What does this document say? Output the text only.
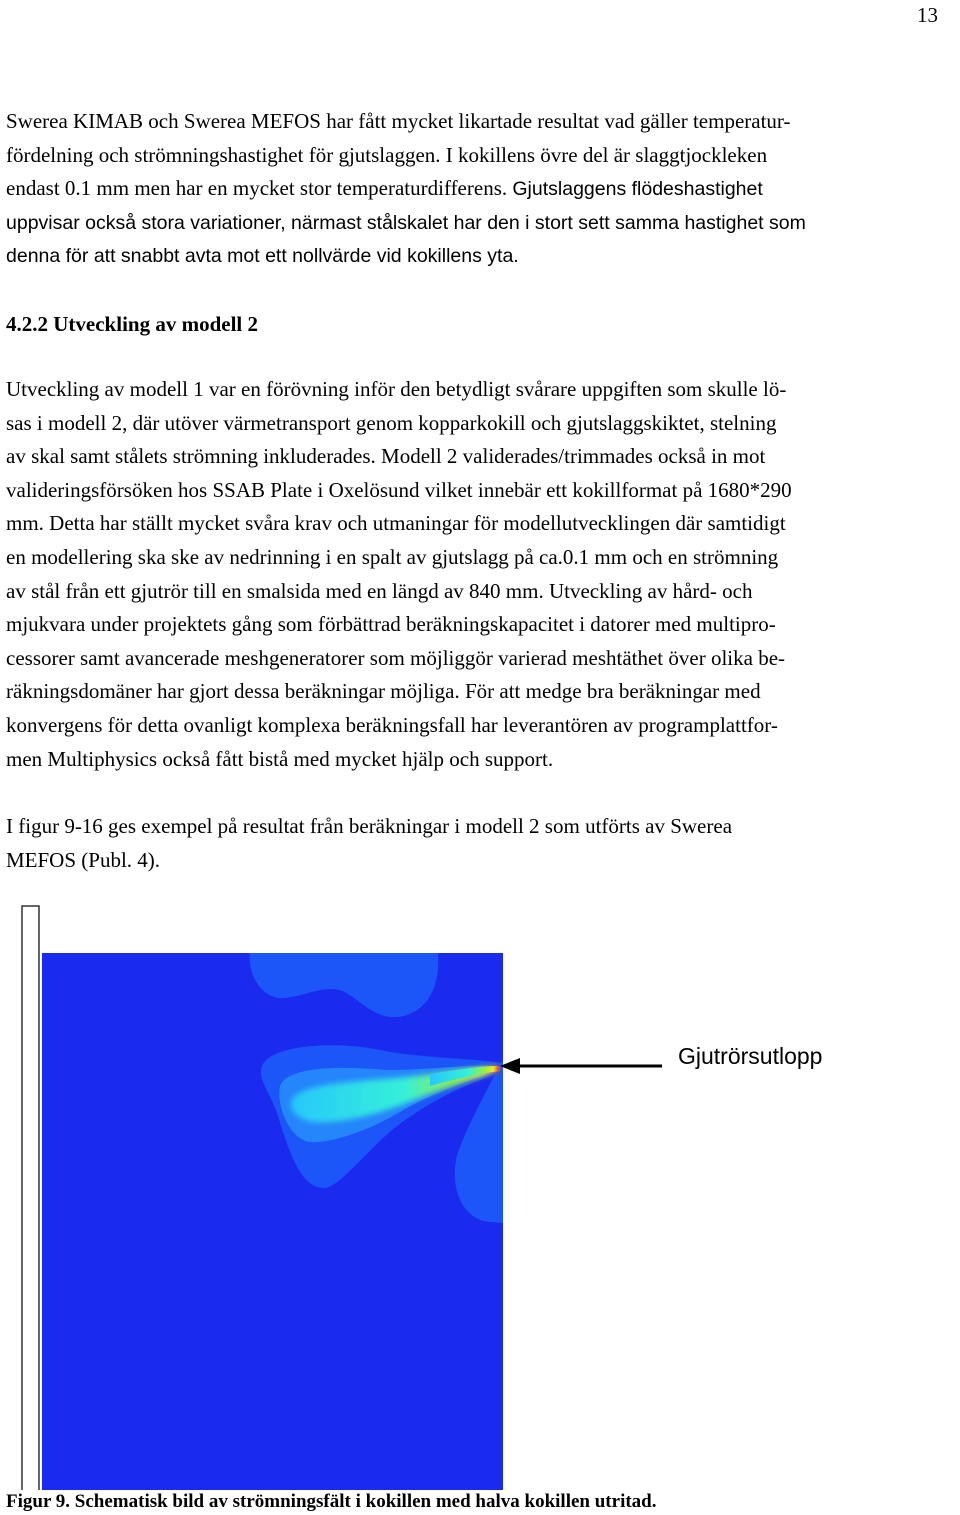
13
Swerea KIMAB och Swerea MEFOS har fått mycket likartade resultat vad gäller temperatur-
fördelning och strömningshastighet för gjutslaggen. I kokillens övre del är slaggtjockleken
endast 0.1 mm men har en mycket stor temperaturdifferens. Gjutslaggens flödeshastighet
uppvisar också stora variationer, närmast stålskalet har den i stort sett samma hastighet som
denna för att snabbt avta mot ett nollvärde vid kokillens yta.
4.2.2 Utveckling av modell 2
Utveckling av modell 1 var en förövning inför den betydligt svårare uppgiften som skulle lö-
sas i modell 2, där utöver värmetransport genom kopparkokill och gjutslaggskiktet, stelning
av skal samt stålets strömning inkluderades. Modell 2 validerades/trimmades också in mot
valideringsförsöken hos SSAB Plate i Oxelösund vilket innebär ett kokillformat på 1680*290
mm. Detta har ställt mycket svåra krav och utmaningar för modellutvecklingen där samtidigt
en modellering ska ske av nedrinning i en spalt av gjutslagg på ca.0.1 mm och en strömning
av stål från ett gjutrör till en smalsida med en längd av 840 mm. Utveckling av hård- och
mjukvara under projektets gång som förbättrad beräkningskapacitet i datorer med multipro-
cessorer samt avancerade meshgeneratorer som möjliggör varierad meshtäthet över olika be-
räkningsdomäner har gjort dessa beräkningar möjliga. För att medge bra beräkningar med
konvergens för detta ovanligt komplexa beräkningsfall har leverantören av programplattfor-
men Multiphysics också fått bistå med mycket hjälp och support.
I figur 9-16 ges exempel på resultat från beräkningar i modell 2 som utförts av Swerea
MEFOS (Publ. 4).
Gjutrörsutlopp

Figur 9. Schematisk bild av strömningsfält i kokillen med halva kokillen utritad.
